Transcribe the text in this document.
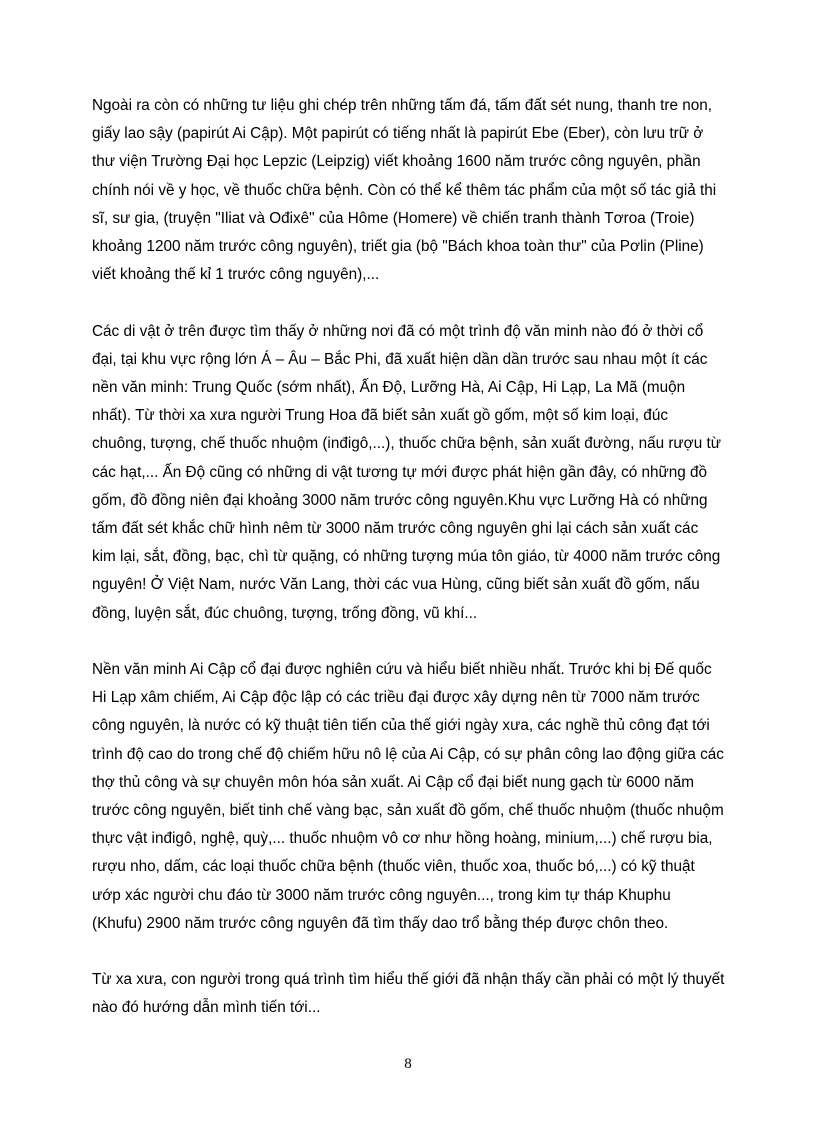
Ngoài ra còn có những tư liệu ghi chép trên những tấm đá, tấm đất sét nung, thanh tre non,
giấy lao sậy (papirút Ai Cập). Một papirút có tiếng nhất là papirút Ebe (Eber), còn lưu trữ ở
thư viện Trường Đại học Lepzic (Leipzig) viết khoảng 1600 năm trước công nguyên, phần
chính nói về y học, về thuốc chữa bệnh. Còn có thể kể thêm tác phẩm của một số tác giả thi
sĩ, sư gia, (truyện "Iliat và Ođixê" của Hôme (Homere) về chiến tranh thành Tơroa (Troie)
khoảng 1200 năm trước công nguyên), triết gia (bộ "Bách khoa toàn thư" của Pơlin (Pline)
viết khoảng thế kỉ 1 trước công nguyên),...

Các di vật ở trên được tìm thấy ở những nơi đã có một trình độ văn minh nào đó ở thời cổ
đại, tại khu vực rộng lớn Á – Âu – Bắc Phi, đã xuất hiện dần dần trước sau nhau một ít các
nền văn minh: Trung Quốc (sớm nhất), Ấn Độ, Lưỡng Hà, Ai Cập, Hi Lạp, La Mã (muộn
nhất). Từ thời xa xưa người Trung Hoa đã biết sản xuất gồ gốm, một số kim loại, đúc
chuông, tượng, chế thuốc nhuộm (inđigô,...), thuốc chữa bệnh, sản xuất đường, nấu rượu từ
các hạt,... Ấn Độ cũng có những di vật tương tự mới được phát hiện gần đây, có những đồ
gốm, đồ đồng niên đại khoảng 3000 năm trước công nguyên.Khu vực Lưỡng Hà có những
tấm đất sét khắc chữ hình nêm từ 3000 năm trước công nguyên ghi lại cách sản xuất các
kim lại, sắt, đồng, bạc, chì từ quặng, có những tượng múa tôn giáo, từ 4000 năm trước công
nguyên! Ở Việt Nam, nước Văn Lang, thời các vua Hùng, cũng biết sản xuất đồ gốm, nấu
đồng, luyện sắt, đúc chuông, tượng, trống đồng, vũ khí...

Nền văn minh Ai Cập cổ đại được nghiên cứu và hiểu biết nhiều nhất. Trước khi bị Đế quốc
Hi Lạp xâm chiếm, Ai Cập độc lập có các triều đại được xây dựng nên từ 7000 năm trước
công nguyên, là nước có kỹ thuật tiên tiến của thế giới ngày xưa, các nghề thủ công đạt tới
trình độ cao do trong chế độ chiếm hữu nô lệ của Ai Cập, có sự phân công lao động giữa các
thợ thủ công và sự chuyên môn hóa sản xuất. Ai Cập cổ đại biết nung gạch từ 6000 năm
trước công nguyên, biết tinh chế vàng bạc, sản xuất đồ gốm, chế thuốc nhuộm (thuốc nhuộm
thực vật inđigô, nghệ, quỳ,... thuốc nhuộm vô cơ như hồng hoàng, minium,...) chế rượu bia,
rượu nho, dấm, các loại thuốc chữa bệnh (thuốc viên, thuốc xoa, thuốc bó,...) có kỹ thuật
ướp xác người chu đáo từ 3000 năm trước công nguyên..., trong kim tự tháp Khuphu
(Khufu) 2900 năm trước công nguyên đã tìm thấy dao trổ bằng thép được chôn theo.

Từ xa xưa, con người trong quá trình tìm hiểu thế giới đã nhận thấy cần phải có một lý thuyết
nào đó hướng dẫn mình tiến tới...

8
